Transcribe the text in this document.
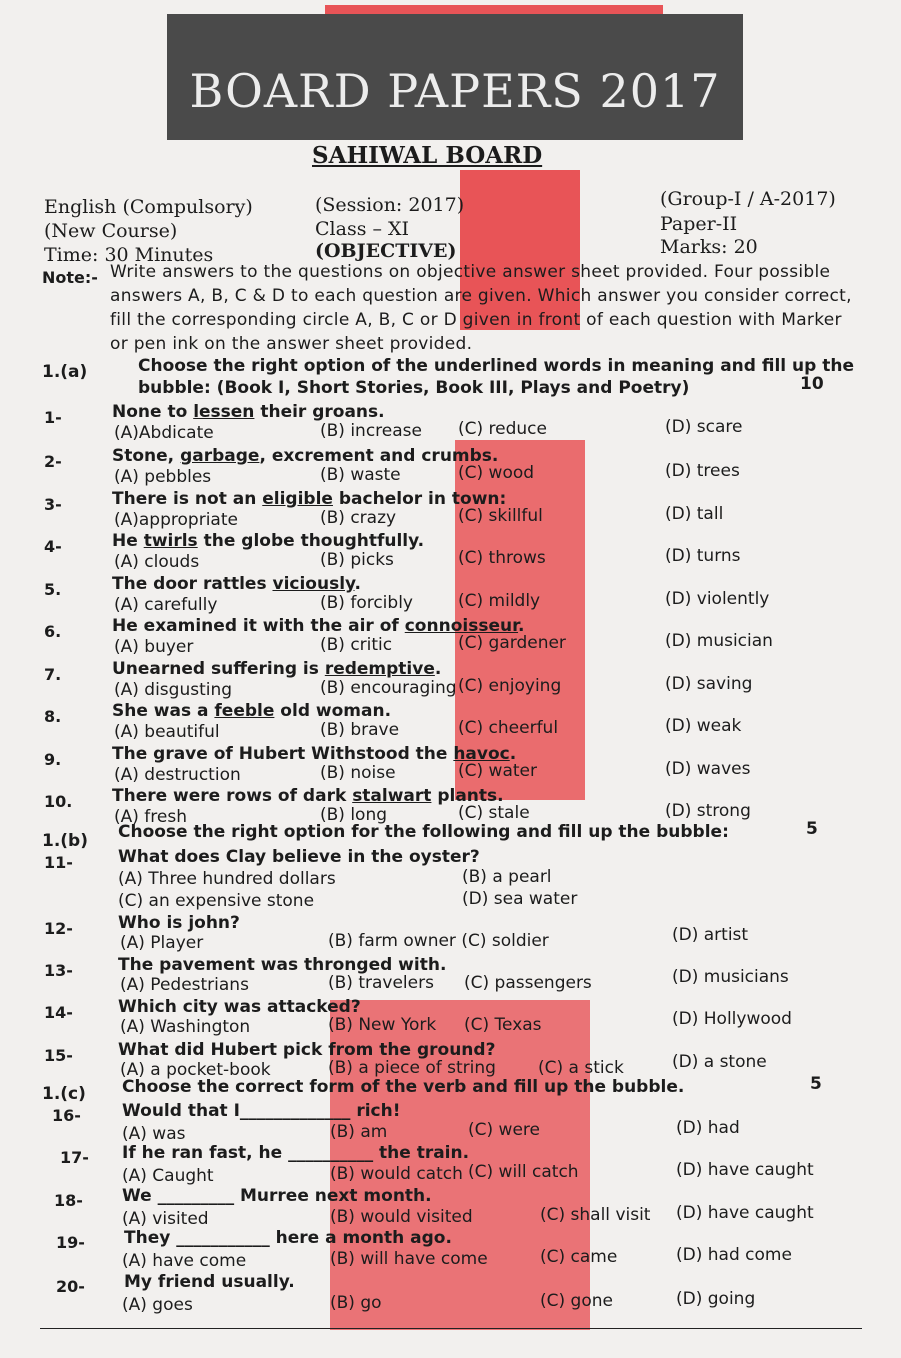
BOARD PAPERS 2017
SAHIWAL BOARD
English (Compulsory)
(New Course)
Time: 30 Minutes
(Session: 2017)
Class – XI
(OBJECTIVE)
(Group-I / A-2017)
Paper-II
Marks: 20
Note:- Write answers to the questions on objective answer sheet provided. Four possible answers A, B, C & D to each question are given. Which answer you consider correct, fill the corresponding circle A, B, C or D given in front of each question with Marker or pen ink on the answer sheet provided.
1.(a)	Choose the right option of the underlined words in meaning and fill up the bubble: (Book I, Short Stories, Book III, Plays and Poetry)	10
1-	None to lessen their groans.
(A)Abdicate	(B) increase (C) reduce	(D) scare
2-	Stone, garbage, excrement and crumbs.
(A) pebbles	(B) waste	(C) wood	(D) trees
3-	There is not an eligible bachelor in town:
(A)appropriate	(B) crazy	(C) skillful	(D) tall
4-	He twirls the globe thoughtfully.
(A) clouds	(B) picks	(C) throws	(D) turns
5.	The door rattles viciously.
(A) carefully	(B) forcibly	(C) mildly	(D) violently
6.	He examined it with the air of connoisseur.
(A) buyer	(B) critic	(C) gardener	(D) musician
7.	Unearned suffering is redemptive.
(A) disgusting	(B) encouraging (C) enjoying	(D) saving
8.	She was a feeble old woman.
(A) beautiful	(B) brave	(C) cheerful	(D) weak
9.	The grave of Hubert Withstood the havoc.
(A) destruction	(B) noise	(C) water	(D) waves
10. There were rows of dark stalwart plants.
(A) fresh	(B) long	(C) stale	(D) strong
1.(b) Choose the right option for the following and fill up the bubble:	5
11-	What does Clay believe in the oyster?
(A) Three hundred dollars	(B) a pearl
(C) an expensive stone	(D) sea water
12-	Who is john?
(A) Player	(B) farm owner (C) soldier	(D) artist
13-	The pavement was thronged with.
(A) Pedestrians	(B) travelers (C) passengers	(D) musicians
14-	Which city was attacked?
(A) Washington	(B) New York (C) Texas	(D) Hollywood
15-	What did Hubert pick from the ground?
(A) a pocket-book	(B) a piece of string (C) a stick	(D) a stone
1.(c) Choose the correct form of the verb and fill up the bubble.	5
16- Would that I_____________ rich!
(A) was	(B) am	(C) were	(D) had
17- If he ran fast, he __________ the train.
(A) Caught	(B) would catch (C) will catch	(D) have caught
18- We _________ Murree next month.
(A) visited	(B) would visited	(C) shall visit (D) have caught
19- They ___________ here a month ago.
(A) have come	(B) will have come	(C) came	(D) had come
20- My friend usually.
(A) goes	(B) go	(C) gone	(D) going
